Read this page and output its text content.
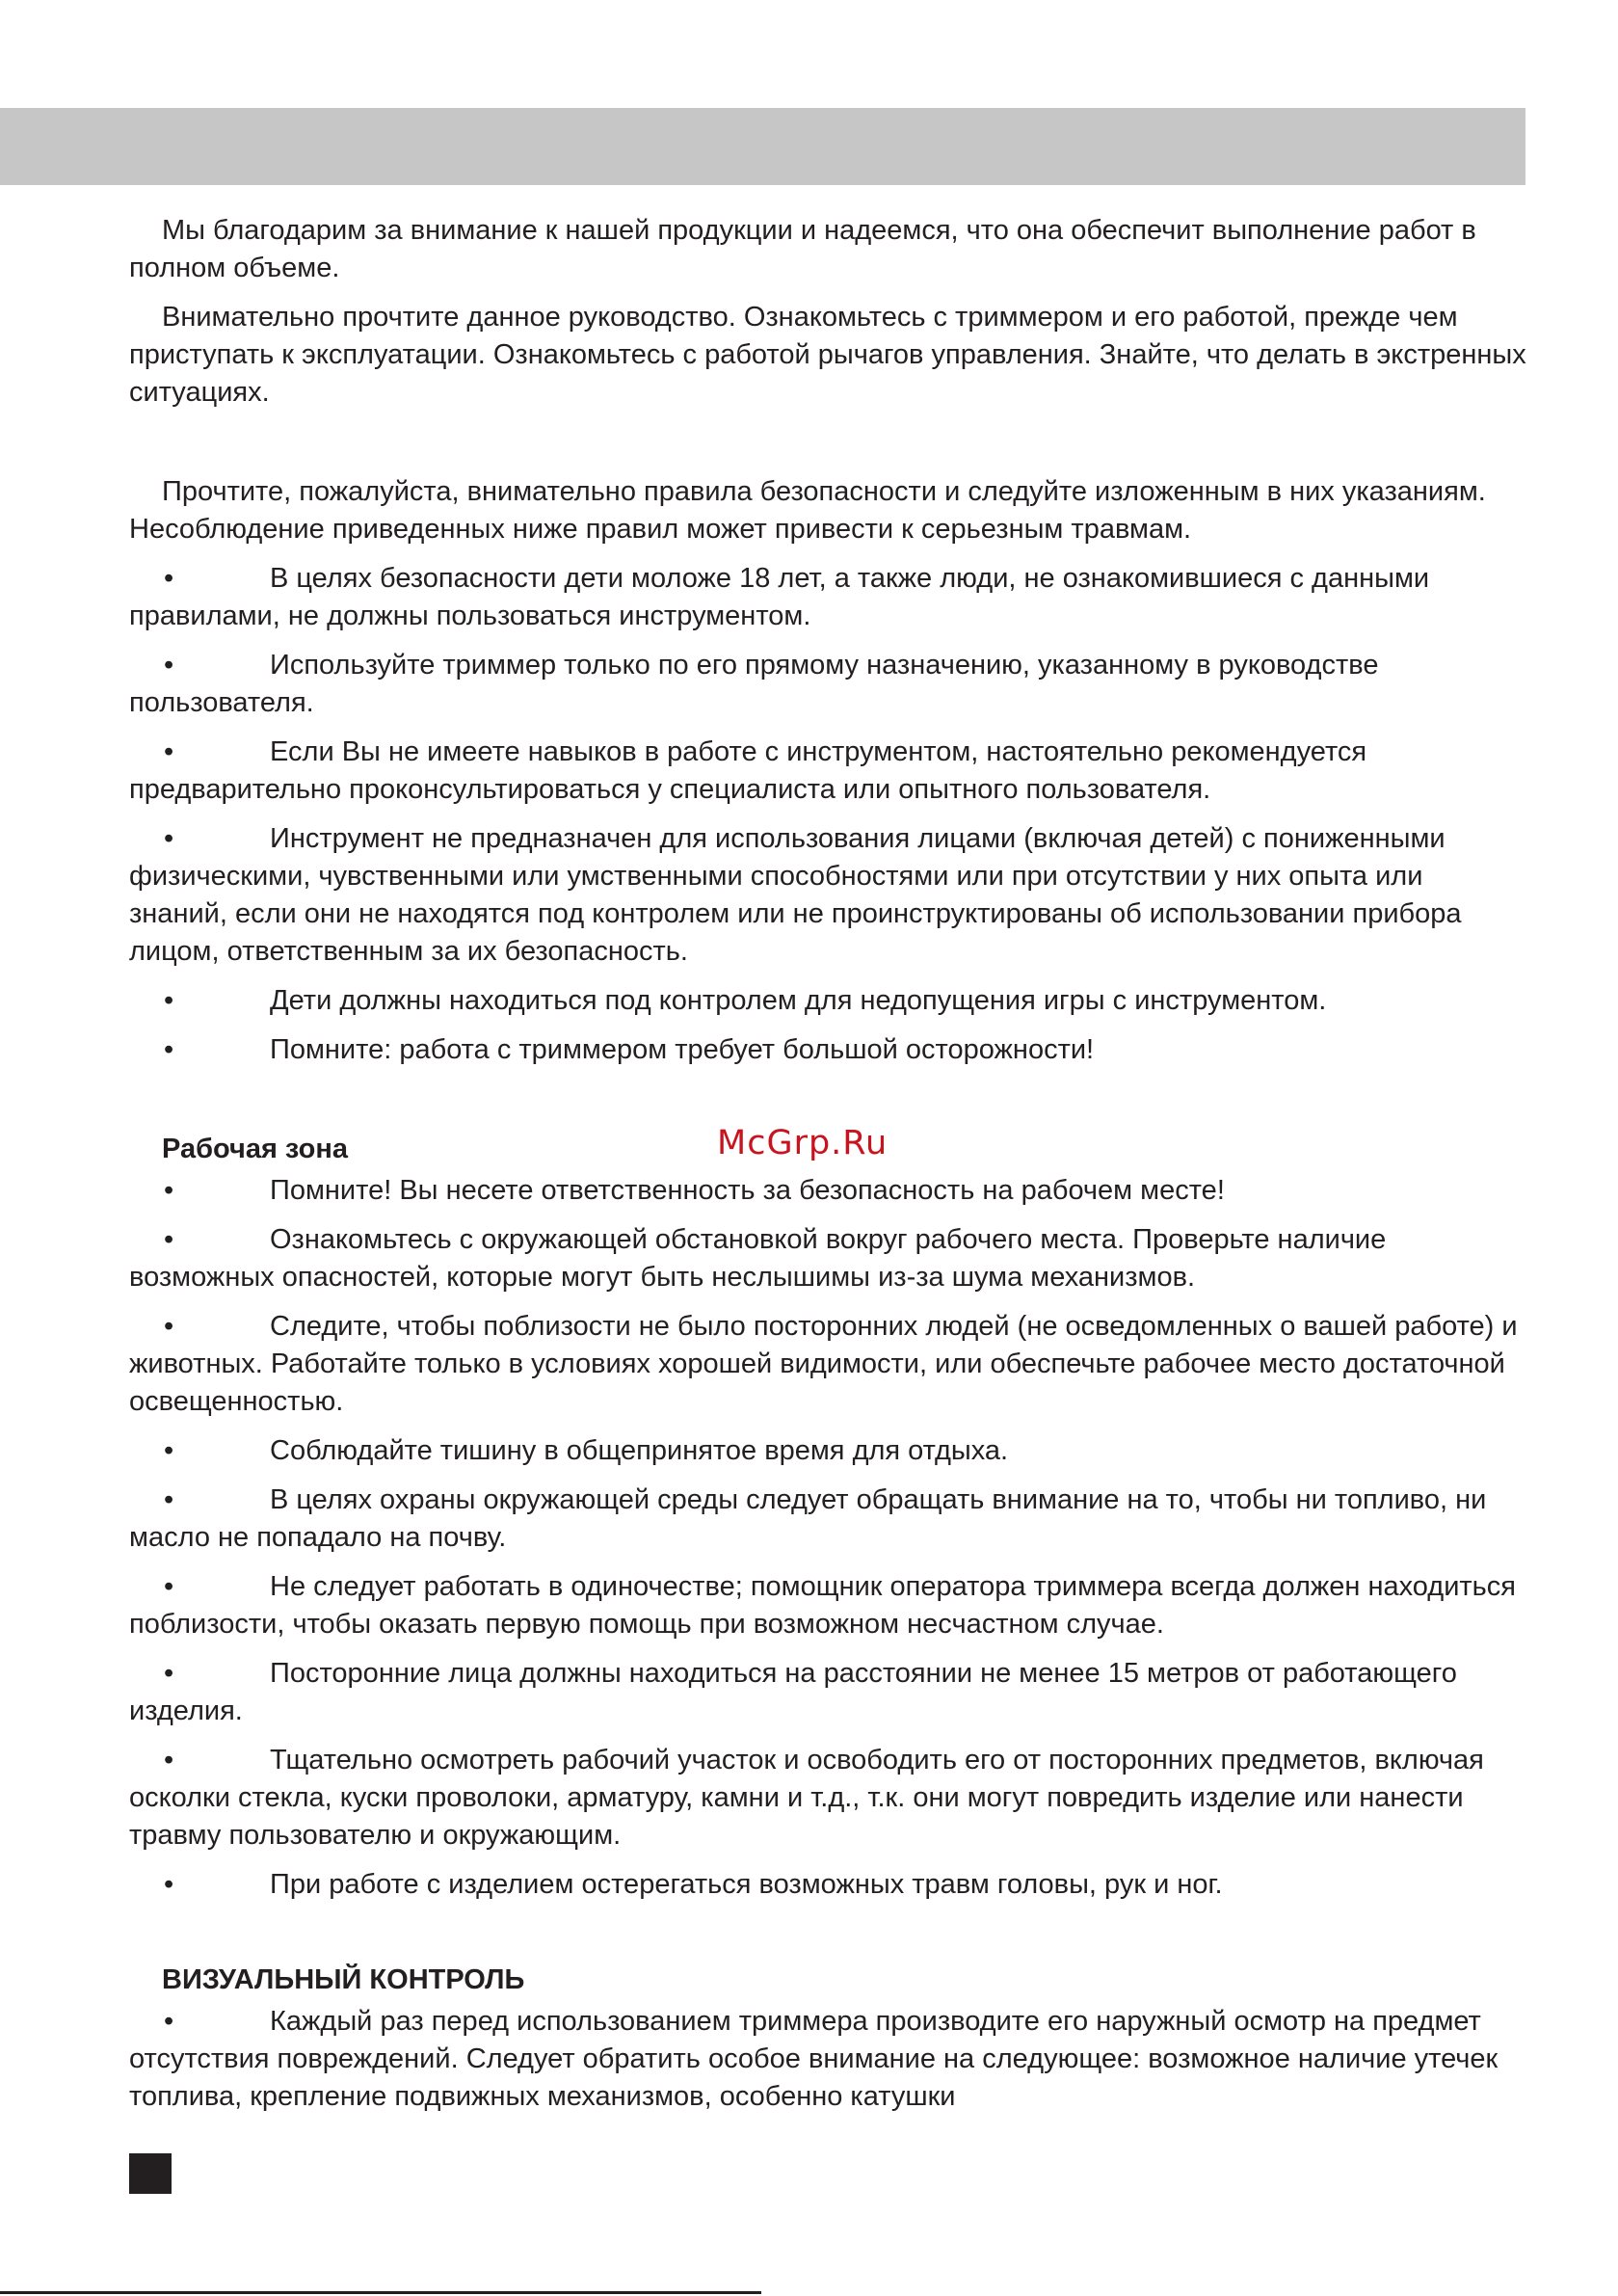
Мы благодарим за внимание к нашей продукции и надеемся, что она обеспечит выполнение работ в полном объеме.

Внимательно прочтите данное руководство. Ознакомьтесь с триммером и его работой, прежде чем приступать к эксплуатации. Ознакомьтесь с работой рычагов управления. Знайте, что делать в экстренных ситуациях.

Прочтите, пожалуйста, внимательно правила безопасности и следуйте изложенным в них указаниям. Несоблюдение приведенных ниже правил может привести к серьезным травмам.

•	В целях безопасности дети моложе 18 лет, а также люди, не ознакомившиеся с данными правилами, не должны пользоваться инструментом.

•	Используйте триммер только по его прямому назначению, указанному в руководстве пользователя.

•	Если Вы не имеете навыков в работе с инструментом, настоятельно рекомендуется предварительно проконсультироваться у специалиста или опытного пользователя.

•	Инструмент не предназначен для использования лицами (включая детей) с пониженными физическими, чувственными или умственными способностями или при отсутствии у них опыта или знаний, если они не находятся под контролем или не проинструктированы об использовании прибора лицом, ответственным за их безопасность.

•	Дети должны находиться под контролем для недопущения игры с инструментом.

•	Помните: работа с триммером требует большой осторожности!

Рабочая зона

•	Помните! Вы несете ответственность за безопасность на рабочем месте!

•	Ознакомьтесь с окружающей обстановкой вокруг рабочего места. Проверьте наличие возможных опасностей, которые могут быть неслышимы из-за шума механизмов.

•	Следите, чтобы поблизости не было посторонних людей (не осведомленных о вашей работе) и животных. Работайте только в условиях хорошей видимости, или обеспечьте рабочее место достаточной освещенностью.

•	Соблюдайте тишину в общепринятое время для отдыха.

•	В целях охраны окружающей среды следует обращать внимание на то, чтобы ни топливо, ни масло не попадало на почву.

•	Не следует работать в одиночестве; помощник оператора триммера всегда должен находиться поблизости, чтобы оказать первую помощь при возможном несчастном случае.

•	Посторонние лица должны находиться на расстоянии не менее 15 метров от работающего изделия.

•	Тщательно осмотреть рабочий участок и освободить его от посторонних предметов, включая осколки стекла, куски проволоки, арматуру, камни и т.д., т.к. они могут повредить изделие или нанести травму пользователю и окружающим.

•	При работе с изделием остерегаться возможных травм головы, рук и ног.

ВИЗУАЛЬНЫЙ КОНТРОЛЬ

•	Каждый раз перед использованием триммера производите его наружный осмотр на предмет отсутствия повреждений. Следует обратить особое внимание на следующее: возможное наличие утечек топлива, крепление подвижных механизмов, особенно катушки

McGrp.Ru
